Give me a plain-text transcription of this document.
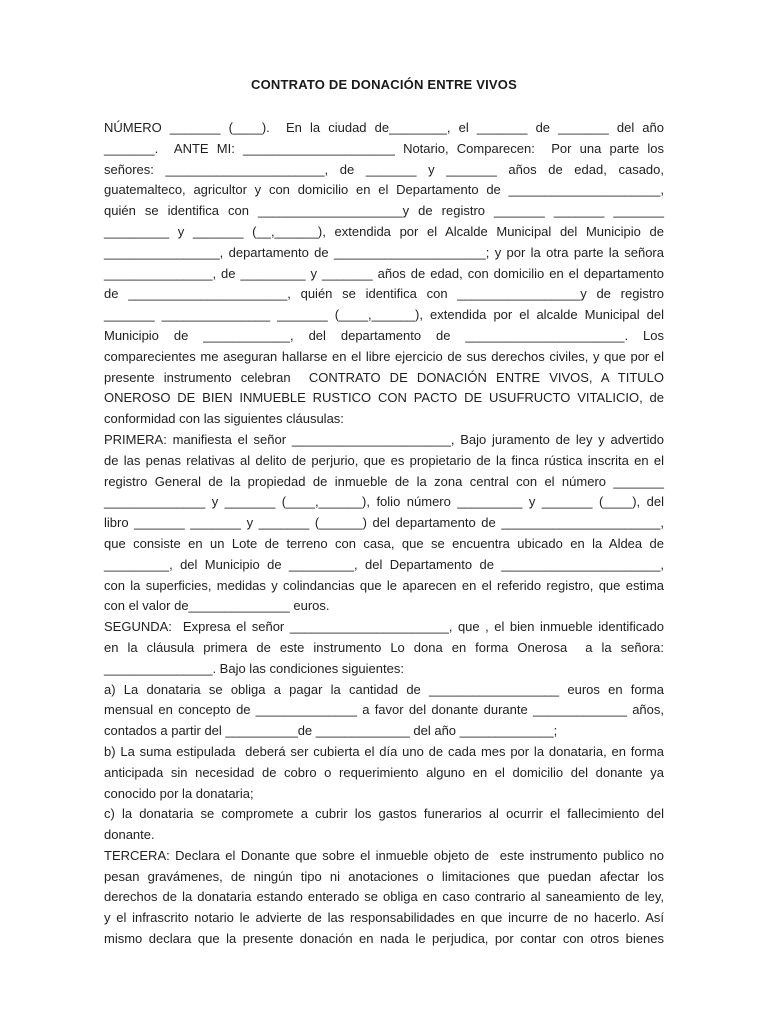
CONTRATO DE DONACIÓN ENTRE VIVOS
NÚMERO _______ (____).  En la ciudad de________, el _______ de _______ del año
_______.  ANTE MI: _____________________ Notario, Comparecen:  Por una parte los
señores: ______________________, de _______ y _______ años de edad, casado,
guatemalteco, agricultor y con domicilio en el Departamento de _____________________,
quién se identifica con ____________________y de registro _______ _______ _______
_________ y _______ (__,______), extendida por el Alcalde Municipal del Municipio de
________________, departamento de _____________________; y por la otra parte la señora
_______________, de _________ y _______ años de edad, con domicilio en el departamento
de ______________________, quién se identifica con _________________y de registro
_______ _______________ _______ (____,______), extendida por el alcalde Municipal del
Municipio de ____________, del departamento de ______________________. Los
comparecientes me aseguran hallarse en el libre ejercicio de sus derechos civiles, y que por el
presente instrumento celebran  CONTRATO DE DONACIÓN ENTRE VIVOS, A TITULO
ONEROSO DE BIEN INMUEBLE RUSTICO CON PACTO DE USUFRUCTO VITALICIO, de
conformidad con las siguientes cláusulas:
PRIMERA: manifiesta el señor ______________________, Bajo juramento de ley y advertido
de las penas relativas al delito de perjurio, que es propietario de la finca rústica inscrita en el
registro General de la propiedad de inmueble de la zona central con el número _______
______________ y _______ (____,______), folio número _________ y _______ (____), del
libro _______ _______ y _______ (______) del departamento de ______________________,
que consiste en un Lote de terreno con casa, que se encuentra ubicado en la Aldea de
_________, del Municipio de _________, del Departamento de ______________________,
con la superficies, medidas y colindancias que le aparecen en el referido registro, que estima
con el valor de______________ euros.
SEGUNDA:  Expresa el señor ______________________, que , el bien inmueble identificado
en la cláusula primera de este instrumento Lo dona en forma Onerosa  a la señora:
_______________. Bajo las condiciones siguientes:
a) La donataria se obliga a pagar la cantidad de __________________ euros en forma
mensual en concepto de ______________ a favor del donante durante _____________ años,
contados a partir del __________de _____________ del año _____________;
b) La suma estipulada  deberá ser cubierta el día uno de cada mes por la donataria, en forma
anticipada sin necesidad de cobro o requerimiento alguno en el domicilio del donante ya
conocido por la donataria;
c) la donataria se compromete a cubrir los gastos funerarios al ocurrir el fallecimiento del
donante.
TERCERA: Declara el Donante que sobre el inmueble objeto de  este instrumento publico no
pesan gravámenes, de ningún tipo ni anotaciones o limitaciones que puedan afectar los
derechos de la donataria estando enterado se obliga en caso contrario al saneamiento de ley,
y el infrascrito notario le advierte de las responsabilidades en que incurre de no hacerlo. Así
mismo declara que la presente donación en nada le perjudica, por contar con otros bienes
